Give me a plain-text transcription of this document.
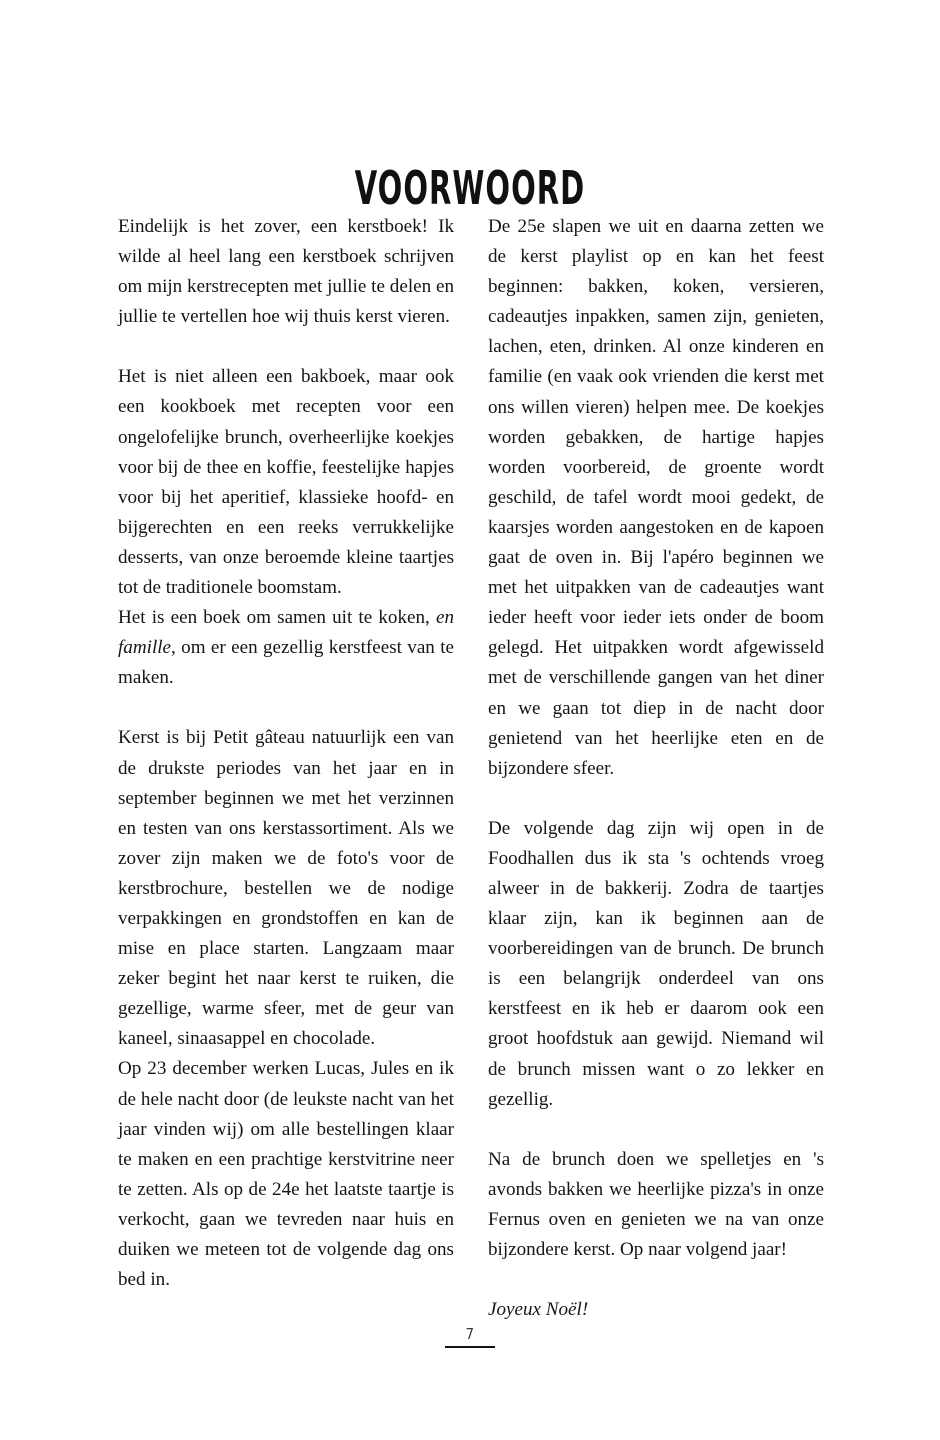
VOORWOORD

Eindelijk is het zover, een kerstboek! Ik wilde al heel lang een kerstboek schrijven om mijn kerstrecepten met jullie te delen en jullie te vertellen hoe wij thuis kerst vieren.

Het is niet alleen een bakboek, maar ook een kookboek met recepten voor een ongelofelijke brunch, overheerlijke koekjes voor bij de thee en koffie, feestelijke hapjes voor bij het aperitief, klassieke hoofd- en bijgerechten en een reeks verrukkelijke desserts, van onze beroemde kleine taartjes tot de traditionele boomstam.

Het is een boek om samen uit te koken, en famille, om er een gezellig kerstfeest van te maken.

Kerst is bij Petit gâteau natuurlijk een van de drukste periodes van het jaar en in september beginnen we met het verzinnen en testen van ons kerstassortiment. Als we zover zijn maken we de foto's voor de kerstbrochure, bestellen we de nodige verpakkingen en grondstoffen en kan de mise en place starten. Langzaam maar zeker begint het naar kerst te ruiken, die gezellige, warme sfeer, met de geur van kaneel, sinaasappel en chocolade.

Op 23 december werken Lucas, Jules en ik de hele nacht door (de leukste nacht van het jaar vinden wij) om alle bestellingen klaar te maken en een prachtige kerstvitrine neer te zetten. Als op de 24e het laatste taartje is verkocht, gaan we tevreden naar huis en duiken we meteen tot de volgende dag ons bed in.

De 25e slapen we uit en daarna zetten we de kerst playlist op en kan het feest beginnen: bakken, koken, versieren, cadeautjes inpakken, samen zijn, genieten, lachen, eten, drinken. Al onze kinderen en familie (en vaak ook vrienden die kerst met ons willen vieren) helpen mee. De koekjes worden gebakken, de hartige hapjes worden voorbereid, de groente wordt geschild, de tafel wordt mooi gedekt, de kaarsjes worden aangestoken en de kapoen gaat de oven in. Bij l'apéro beginnen we met het uitpakken van de cadeautjes want ieder heeft voor ieder iets onder de boom gelegd. Het uitpakken wordt afgewisseld met de verschillende gangen van het diner en we gaan tot diep in de nacht door genietend van het heerlijke eten en de bijzondere sfeer.

De volgende dag zijn wij open in de Foodhallen dus ik sta 's ochtends vroeg alweer in de bakkerij. Zodra de taartjes klaar zijn, kan ik beginnen aan de voorbereidingen van de brunch. De brunch is een belangrijk onderdeel van ons kerstfeest en ik heb er daarom ook een groot hoofdstuk aan gewijd. Niemand wil de brunch missen want o zo lekker en gezellig.

Na de brunch doen we spelletjes en 's avonds bakken we heerlijke pizza's in onze Fernus oven en genieten we na van onze bijzondere kerst. Op naar volgend jaar!

Joyeux Noël!

7
